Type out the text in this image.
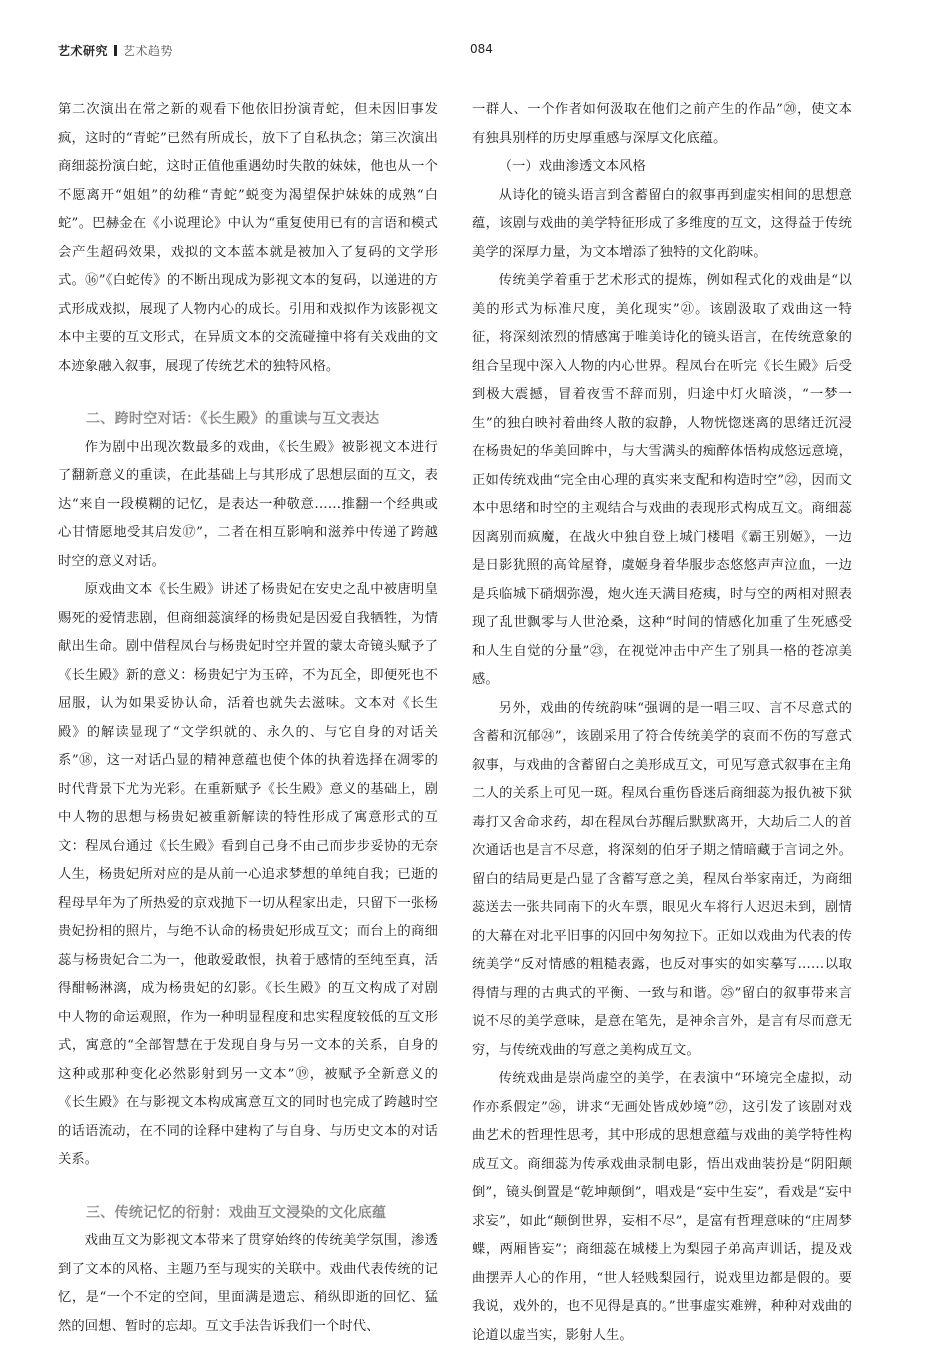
艺术研究 艺术趋势	084

第二次演出在常之新的观看下他依旧扮演青蛇，但未因旧事发疯，这时的“青蛇”已然有所成长，放下了自私执念；第三次演出商细蕊扮演白蛇，这时正值他重遇幼时失散的妹妹，他也从一个不愿离开“姐姐”的幼稚“青蛇”蜕变为渴望保护妹妹的成熟“白蛇”。巴赫金在《小说理论》中认为“重复使用已有的言语和模式会产生超码效果，戏拟的文本蓝本就是被加入了复码的文学形式。⑯”《白蛇传》的不断出现成为影视文本的复码，以递进的方式形成戏拟，展现了人物内心的成长。引用和戏拟作为该影视文本中主要的互文形式，在异质文本的交流碰撞中将有关戏曲的文本迹象融入叙事，展现了传统艺术的独特风格。

二、跨时空对话：《长生殿》的重读与互文表达

作为剧中出现次数最多的戏曲，《长生殿》被影视文本进行了翻新意义的重读，在此基础上与其形成了思想层面的互文，表达“来自一段模糊的记忆，是表达一种敬意……推翻一个经典或心甘情愿地受其启发⑰”，二者在相互影响和滋养中传递了跨越时空的意义对话。

原戏曲文本《长生殿》讲述了杨贵妃在安史之乱中被唐明皇赐死的爱情悲剧，但商细蕊演绎的杨贵妃是因爱自我牺牲，为情献出生命。剧中借程凤台与杨贵妃时空并置的蒙太奇镜头赋予了《长生殿》新的意义：杨贵妃宁为玉碎，不为瓦全，即便死也不屈服，认为如果妥协认命，活着也就失去滋味。文本对《长生殿》的解读显现了“文学织就的、永久的、与它自身的对话关系”⑱，这一对话凸显的精神意蕴也使个体的执着选择在凋零的时代背景下尤为光彩。在重新赋予《长生殿》意义的基础上，剧中人物的思想与杨贵妃被重新解读的特性形成了寓意形式的互文：程凤台通过《长生殿》看到自己身不由己而步步妥协的无奈人生，杨贵妃所对应的是从前一心追求梦想的单纯自我；已逝的程母早年为了所热爱的京戏抛下一切从程家出走，只留下一张杨贵妃扮相的照片，与绝不认命的杨贵妃形成互文；而台上的商细蕊与杨贵妃合二为一，他敢爱敢恨，执着于感情的至纯至真，活得酣畅淋漓，成为杨贵妃的幻影。《长生殿》的互文构成了对剧中人物的命运观照，作为一种明显程度和忠实程度较低的互文形式，寓意的“全部智慧在于发现自身与另一文本的关系，自身的这种或那种变化必然影射到另一文本”⑲，被赋予全新意义的《长生殿》在与影视文本构成寓意互文的同时也完成了跨越时空的话语流动，在不同的诠释中建构了与自身、与历史文本的对话关系。

三、传统记忆的衍射：戏曲互文浸染的文化底蕴

戏曲互文为影视文本带来了贯穿始终的传统美学氛围，渗透到了文本的风格、主题乃至与现实的关联中。戏曲代表传统的记忆，是“一个不定的空间，里面满是遗忘、稍纵即逝的回忆、猛然的回想、暂时的忘却。互文手法告诉我们一个时代、

一群人、一个作者如何汲取在他们之前产生的作品”⑳，使文本有独具别样的历史厚重感与深厚文化底蕴。

（一）戏曲渗透文本风格

从诗化的镜头语言到含蓄留白的叙事再到虚实相间的思想意蕴，该剧与戏曲的美学特征形成了多维度的互文，这得益于传统美学的深厚力量，为文本增添了独特的文化韵味。

传统美学着重于艺术形式的提炼，例如程式化的戏曲是“以美的形式为标准尺度，美化现实”㉑。该剧汲取了戏曲这一特征，将深刻浓烈的情感寓于唯美诗化的镜头语言，在传统意象的组合呈现中深入人物的内心世界。程凤台在听完《长生殿》后受到极大震撼，冒着夜雪不辞而别，归途中灯火暗淡，“一梦一生”的独白映衬着曲终人散的寂静，人物恍惚迷离的思绪迁沉浸在杨贵妃的华美回眸中，与大雪满头的痴醉体悟构成悠远意境，正如传统戏曲“完全由心理的真实来支配和构造时空”㉒，因而文本中思绪和时空的主观结合与戏曲的表现形式构成互文。商细蕊因离别而疯魔，在战火中独自登上城门楼唱《霸王别姬》，一边是日影犹照的高耸屋脊，虞姬身着华服步态悠悠声声泣血，一边是兵临城下硝烟弥漫，炮火连天满目疮痍，时与空的两相对照表现了乱世飘零与人世沧桑，这种“时间的情感化加重了生死感受和人生自觉的分量”㉓，在视觉冲击中产生了别具一格的苍凉美感。

另外，戏曲的传统韵味“强调的是一唱三叹、言不尽意式的含蓄和沉郁㉔”，该剧采用了符合传统美学的哀而不伤的写意式叙事，与戏曲的含蓄留白之美形成互文，可见写意式叙事在主角二人的关系上可见一斑。程凤台重伤昏迷后商细蕊为报仇被下狱毒打又舍命求药，却在程凤台苏醒后默默离开，大劫后二人的首次通话也是言不尽意，将深刻的伯牙子期之情暗藏于言词之外。留白的结局更是凸显了含蓄写意之美，程凤台举家南迁，为商细蕊送去一张共同南下的火车票，眼见火车将行人迟迟未到，剧情的大幕在对北平旧事的闪回中匆匆拉下。正如以戏曲为代表的传统美学“反对情感的粗糙表露，也反对事实的如实摹写……以取得情与理的古典式的平衡、一致与和谐。㉕”留白的叙事带来言说不尽的美学意味，是意在笔先，是神余言外，是言有尽而意无穷，与传统戏曲的写意之美构成互文。

传统戏曲是崇尚虚空的美学，在表演中“环境完全虚拟，动作亦系假定”㉖，讲求“无画处皆成妙境”㉗，这引发了该剧对戏曲艺术的哲理性思考，其中形成的思想意蕴与戏曲的美学特性构成互文。商细蕊为传承戏曲录制电影，悟出戏曲装扮是“阴阳颠倒”，镜头倒置是“乾坤颠倒”，唱戏是“妄中生妄”，看戏是“妄中求妄”，如此“颠倒世界，妄相不尽”，是富有哲理意味的“庄周梦蝶，两厢皆妄”；商细蕊在城楼上为梨园子弟高声训话，提及戏曲摆弄人心的作用，“世人轻贱梨园行，说戏里边都是假的。要我说，戏外的，也不见得是真的。”世事虚实难辨，种种对戏曲的论道以虚当实，影射人生。
